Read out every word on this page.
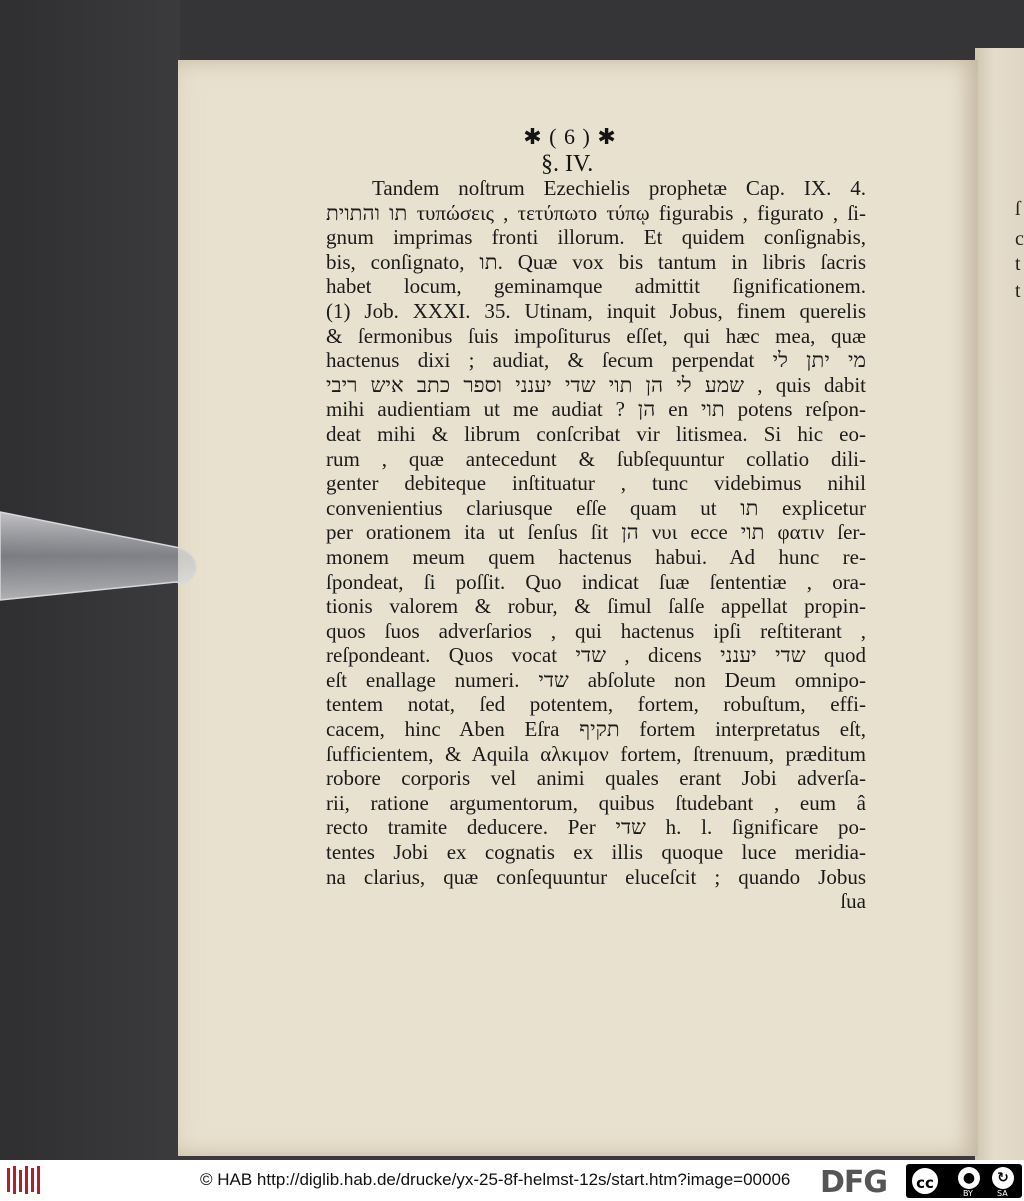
ſ
c
t
t
✱ ( 6 ) ✱
§. IV.
Tandem noſtrum Ezechielis prophetæ Cap. IX. 4.
תו והתוית τυπώσεις , τετύπωτο τύπῳ figurabis , figurato , ſi-
gnum imprimas fronti illorum. Et quidem conſignabis,
bis, conſignato, תו. Quæ vox bis tantum in libris ſacris
habet locum, geminamque admittit ſignificationem.
(1) Job. XXXI. 35. Utinam, inquit Jobus, finem querelis
& ſermonibus ſuis impoſiturus eſſet, qui hæc mea, quæ
hactenus dixi ; audiat, & ſecum perpendat מי יתן לי
שמע לי הן תוי שדי יענני וספר כתב איש ריבי , quis dabit
mihi audientiam ut me audiat ? הן en תוי potens reſpon-
deat mihi & librum conſcribat vir litismea. Si hic eo-
rum , quæ antecedunt & ſubſequuntur collatio dili-
genter debiteque inſtituatur , tunc videbimus nihil
convenientius clariusque eſſe quam ut תו explicetur
per orationem ita ut ſenſus ſit הן νυι ecce תוי φατιν ſer-
monem meum quem hactenus habui. Ad hunc re-
ſpondeat, ſi poſſit. Quo indicat ſuæ ſententiæ , ora-
tionis valorem & robur, & ſimul ſalſe appellat propin-
quos ſuos adverſarios , qui hactenus ipſi reſtiterant ,
reſpondeant. Quos vocat שדי , dicens שדי יענני quod
eſt enallage numeri. שדי abſolute non Deum omnipo-
tentem notat, ſed potentem, fortem, robuſtum, effi-
cacem, hinc Aben Eſra תקיף fortem interpretatus eſt,
ſufficientem, & Aquila αλκιμον fortem, ſtrenuum, præditum
robore corporis vel animi quales erant Jobi adverſa-
rii, ratione argumentorum, quibus ſtudebant , eum â
recto tramite deducere. Per שדי h. l. ſignificare po-
tentes Jobi ex cognatis ex illis quoque luce meridia-
na clarius, quæ conſequuntur eluceſcit ; quando Jobus
ſua
© HAB http://diglib.hab.de/drucke/yx-25-8f-helmst-12s/start.htm?image=00006 DFG	cc	●	↻
BY	SA
